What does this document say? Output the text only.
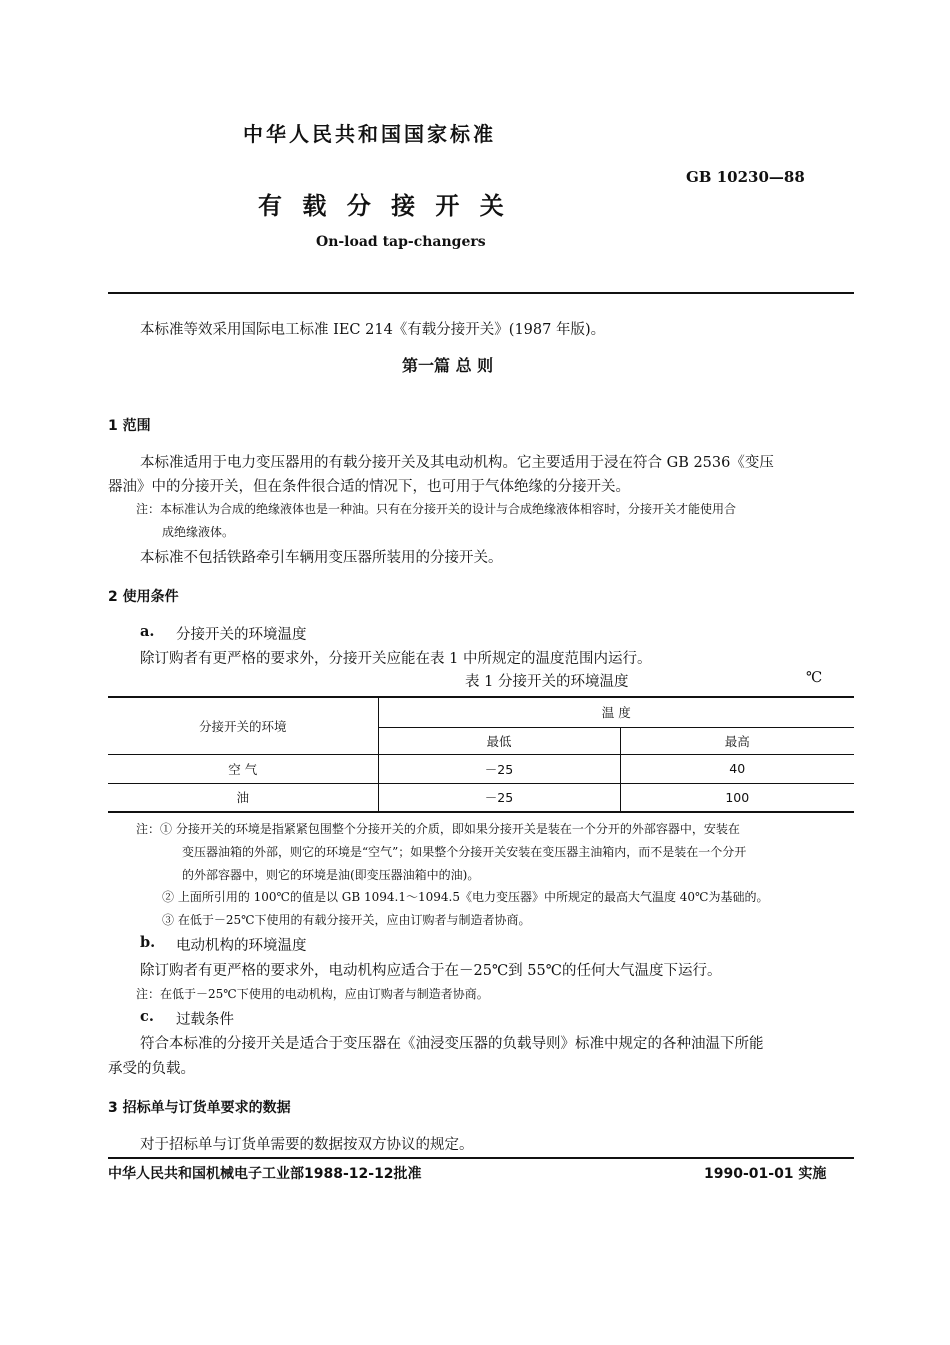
中华人民共和国国家标准
GB 10230—88
有 载 分 接 开 关
On-load tap-changers
本标准等效采用国际电工标准 IEC 214《有载分接开关》(1987 年版)。
第一篇 总 则
1 范围
本标准适用于电力变压器用的有载分接开关及其电动机构。它主要适用于浸在符合 GB 2536《变压
器油》中的分接开关，但在条件很合适的情况下，也可用于气体绝缘的分接开关。
注：本标准认为合成的绝缘液体也是一种油。只有在分接开关的设计与合成绝缘液体相容时，分接开关才能使用合
成绝缘液体。
本标准不包括铁路牵引车辆用变压器所装用的分接开关。
2 使用条件
a. 分接开关的环境温度
除订购者有更严格的要求外，分接开关应能在表 1 中所规定的温度范围内运行。
表 1 分接开关的环境温度	℃
分接开关的环境	温 度	
	最低	最高
空 气	－25	40
油	－25	100
注：① 分接开关的环境是指紧紧包围整个分接开关的介质，即如果分接开关是装在一个分开的外部容器中，安装在
变压器油箱的外部，则它的环境是“空气”；如果整个分接开关安装在变压器主油箱内，而不是装在一个分开
的外部容器中，则它的环境是油(即变压器油箱中的油)。
② 上面所引用的 100℃的值是以 GB 1094.1～1094.5《电力变压器》中所规定的最高大气温度 40℃为基础的。
③ 在低于－25℃下使用的有载分接开关，应由订购者与制造者协商。
b. 电动机构的环境温度
除订购者有更严格的要求外，电动机构应适合于在－25℃到 55℃的任何大气温度下运行。
注：在低于－25℃下使用的电动机构，应由订购者与制造者协商。
c. 过载条件
符合本标准的分接开关是适合于变压器在《油浸变压器的负载导则》标准中规定的各种油温下所能
承受的负载。
3 招标单与订货单要求的数据
对于招标单与订货单需要的数据按双方协议的规定。
中华人民共和国机械电子工业部1988-12-12批准	1990-01-01 实施
